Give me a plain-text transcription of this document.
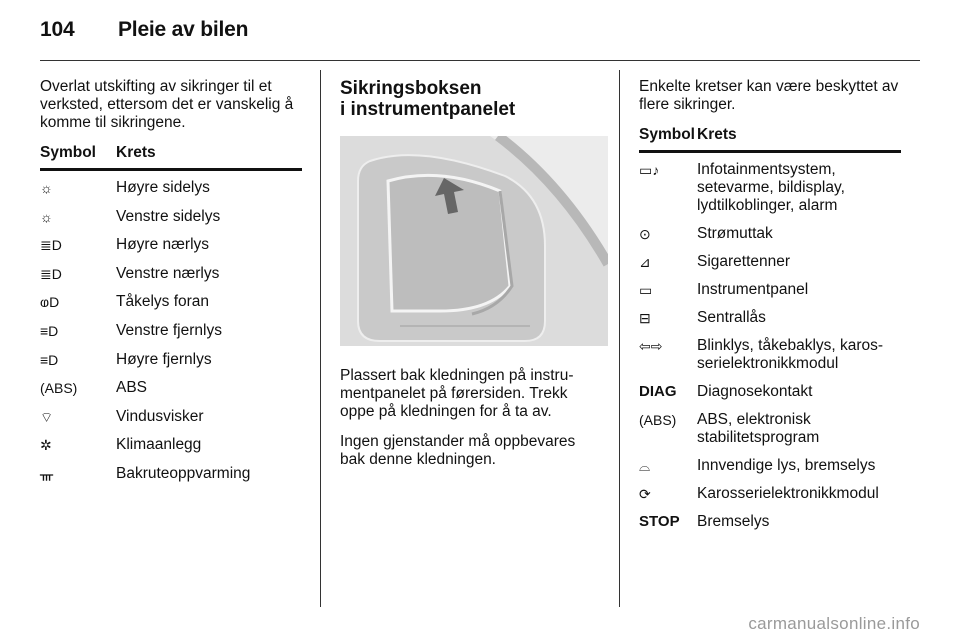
104 Pleie av bilen

Overlat utskifting av sikringer til et verksted, ettersom det er vanskelig å komme til sikringene.

Symbol	Krets
☼	Høyre sidelys
☼	Venstre sidelys
≣D	Høyre nærlys
≣D	Venstre nærlys
ⱷD	Tåkelys foran
≡D	Venstre fjernlys
≡D	Høyre fjernlys
(ABS)	ABS
⌔	Vindusvisker
✲	Klimaanlegg
ᚃ	Bakruteoppvarming
Sikringsboksen
i instrumentpanelet

Plassert bak kledningen på instru-mentpanelet på førersiden. Trekk oppe på kledningen for å ta av.

Ingen gjenstander må oppbevares bak denne kledningen.

Enkelte kretser kan være beskyttet av flere sikringer.

Symbol Krets
▭♪	Infotainmentsystem, setevarme, bildisplay, lydtilkoblinger, alarm
⊙	Strømuttak
⊿	Sigarettenner
▭	Instrumentpanel
⊟	Sentrallås
⇦⇨	Blinklys, tåkebaklys, karos-serielektronikkmodul
DIAG	Diagnosekontakt
(ABS)	ABS, elektronisk stabilitetsprogram
⌓	Innvendige lys, bremselys
⟳	Karosserielektronikkmodul
STOP	Bremselys
carmanualsonline.info
